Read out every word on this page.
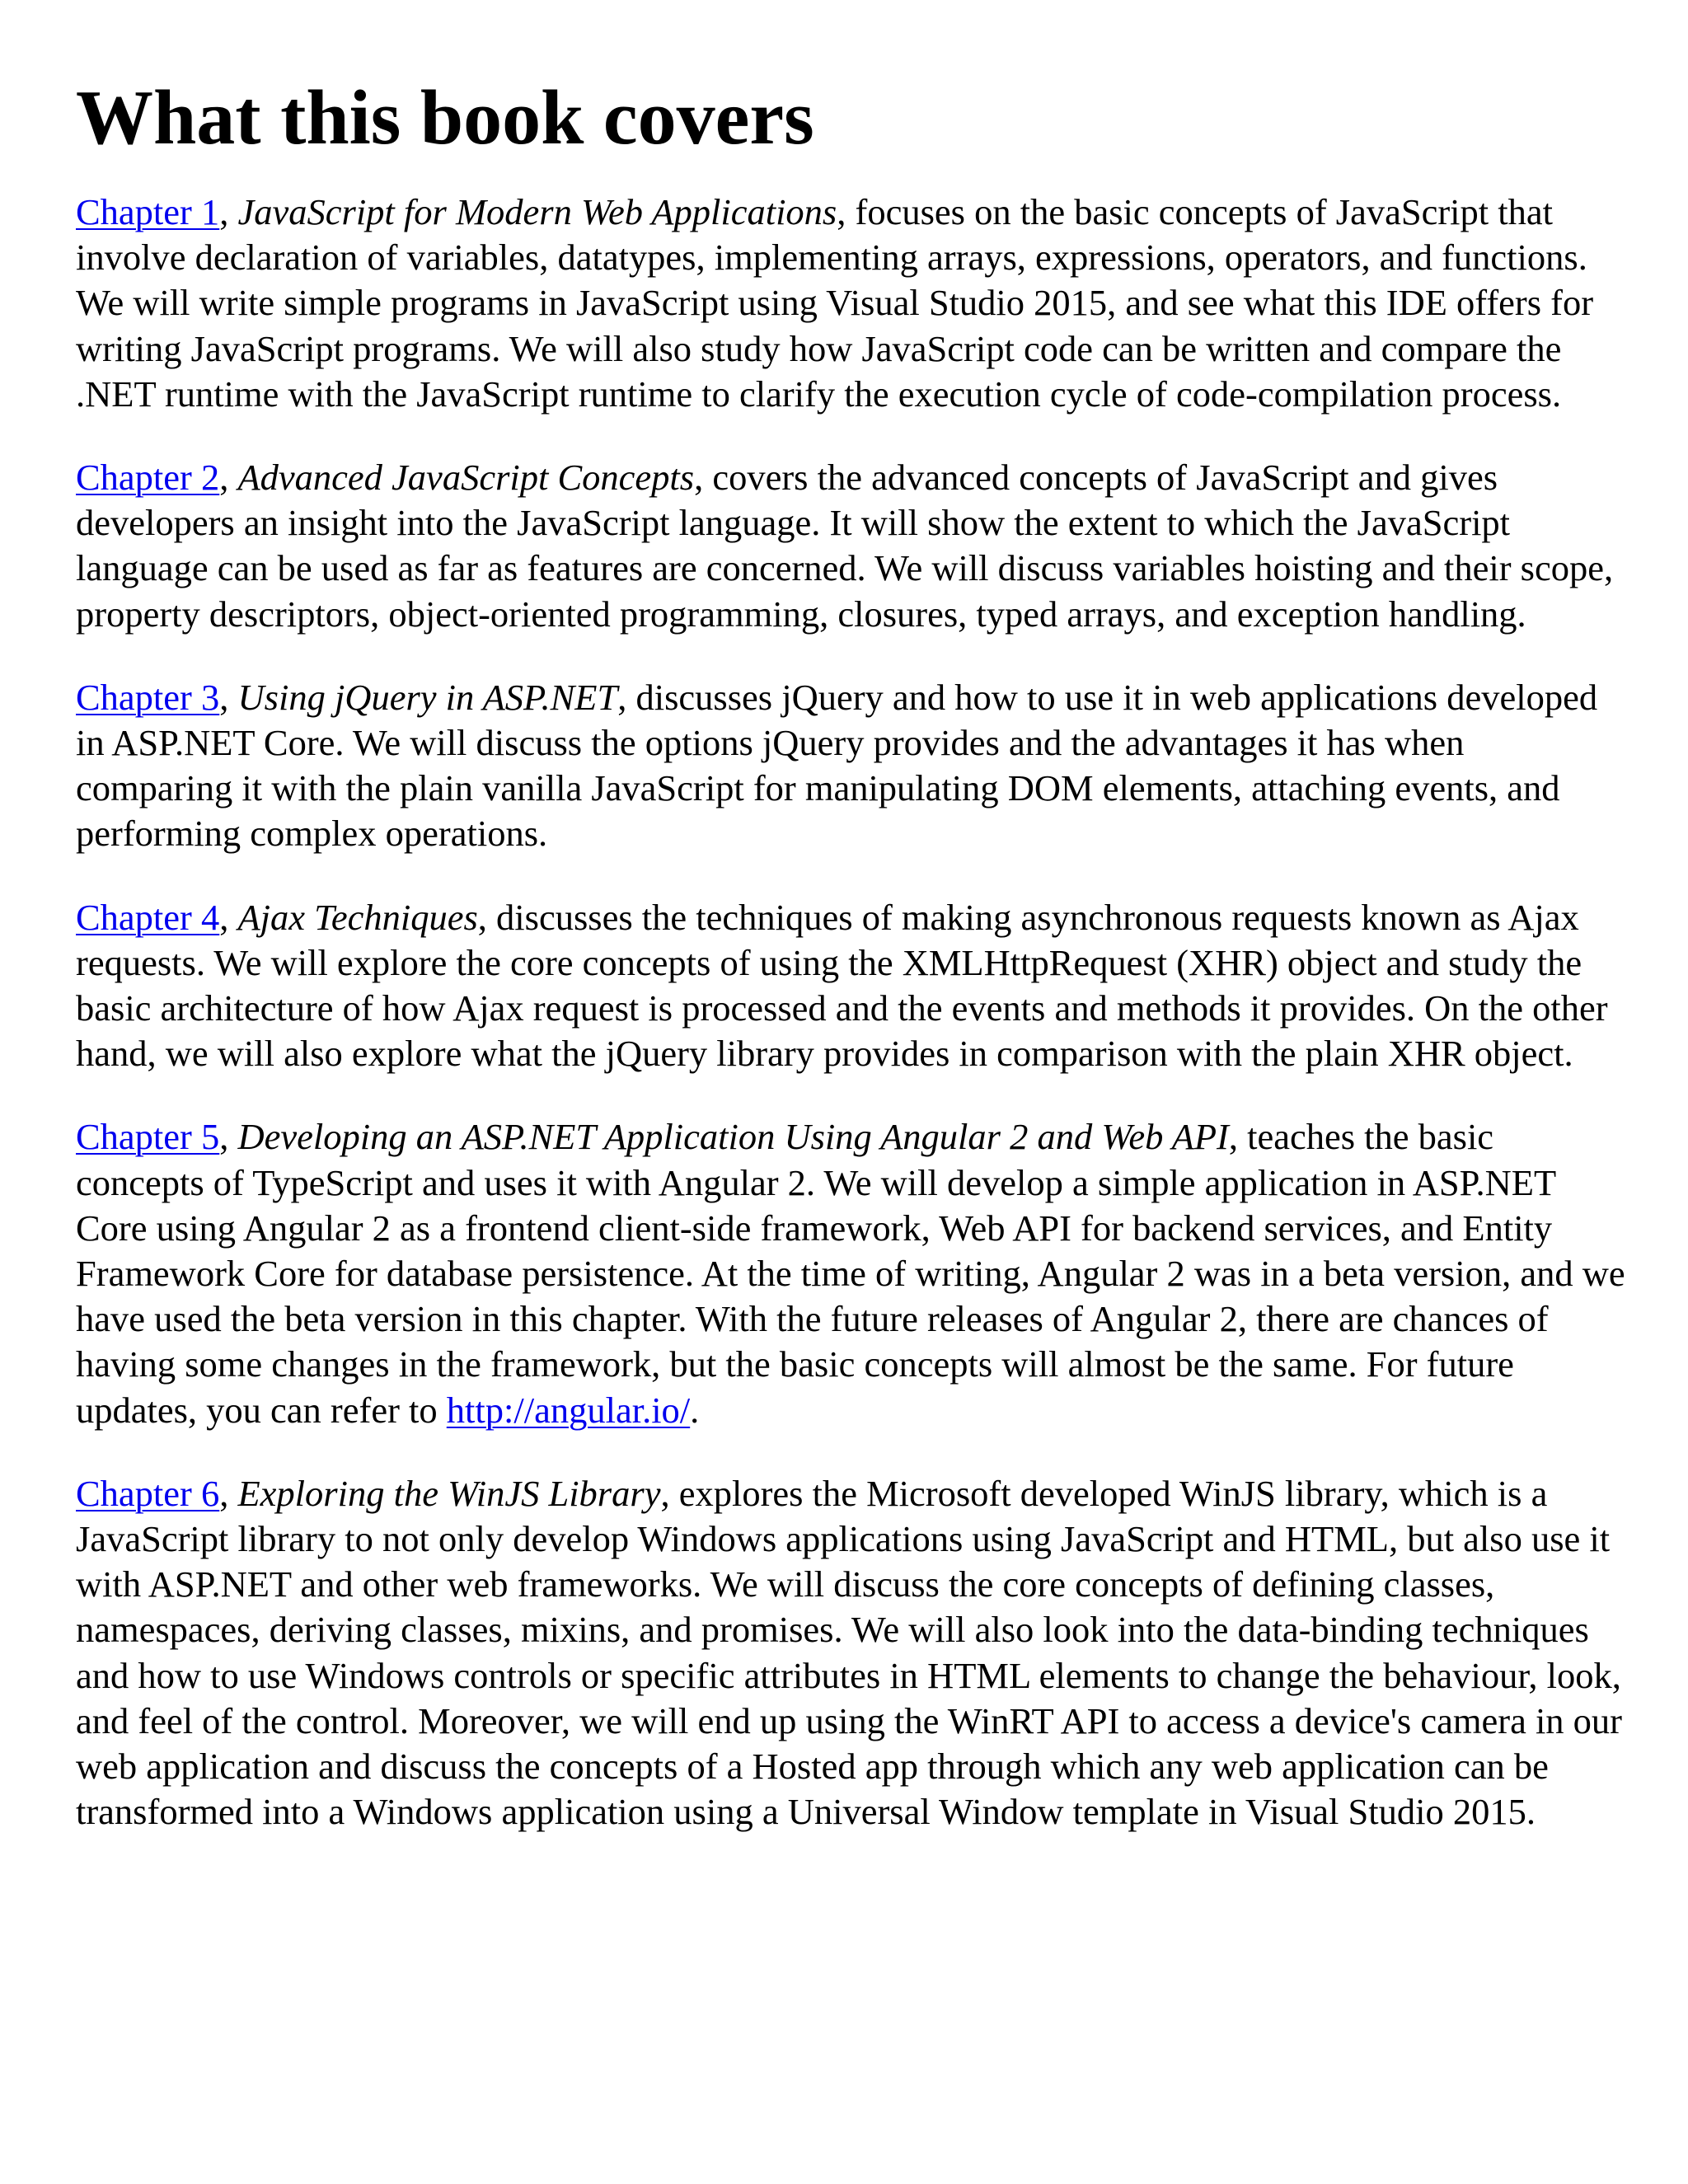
What this book covers

Chapter 1, JavaScript for Modern Web Applications, focuses on the basic concepts of JavaScript that involve declaration of variables, datatypes, implementing arrays, expressions, operators, and functions. We will write simple programs in JavaScript using Visual Studio 2015, and see what this IDE offers for writing JavaScript programs. We will also study how JavaScript code can be written and compare the .NET runtime with the JavaScript runtime to clarify the execution cycle of code-compilation process.

Chapter 2, Advanced JavaScript Concepts, covers the advanced concepts of JavaScript and gives developers an insight into the JavaScript language. It will show the extent to which the JavaScript language can be used as far as features are concerned. We will discuss variables hoisting and their scope, property descriptors, object-oriented programming, closures, typed arrays, and exception handling.

Chapter 3, Using jQuery in ASP.NET, discusses jQuery and how to use it in web applications developed in ASP.NET Core. We will discuss the options jQuery provides and the advantages it has when comparing it with the plain vanilla JavaScript for manipulating DOM elements, attaching events, and performing complex operations.

Chapter 4, Ajax Techniques, discusses the techniques of making asynchronous requests known as Ajax requests. We will explore the core concepts of using the XMLHttpRequest (XHR) object and study the basic architecture of how Ajax request is processed and the events and methods it provides. On the other hand, we will also explore what the jQuery library provides in comparison with the plain XHR object.

Chapter 5, Developing an ASP.NET Application Using Angular 2 and Web API, teaches the basic concepts of TypeScript and uses it with Angular 2. We will develop a simple application in ASP.NET Core using Angular 2 as a frontend client-side framework, Web API for backend services, and Entity Framework Core for database persistence. At the time of writing, Angular 2 was in a beta version, and we have used the beta version in this chapter. With the future releases of Angular 2, there are chances of having some changes in the framework, but the basic concepts will almost be the same. For future updates, you can refer to http://angular.io/.

Chapter 6, Exploring the WinJS Library, explores the Microsoft developed WinJS library, which is a JavaScript library to not only develop Windows applications using JavaScript and HTML, but also use it with ASP.NET and other web frameworks. We will discuss the core concepts of defining classes, namespaces, deriving classes, mixins, and promises. We will also look into the data-binding techniques and how to use Windows controls or specific attributes in HTML elements to change the behaviour, look, and feel of the control. Moreover, we will end up using the WinRT API to access a device's camera in our web application and discuss the concepts of a Hosted app through which any web application can be transformed into a Windows application using a Universal Window template in Visual Studio 2015.
